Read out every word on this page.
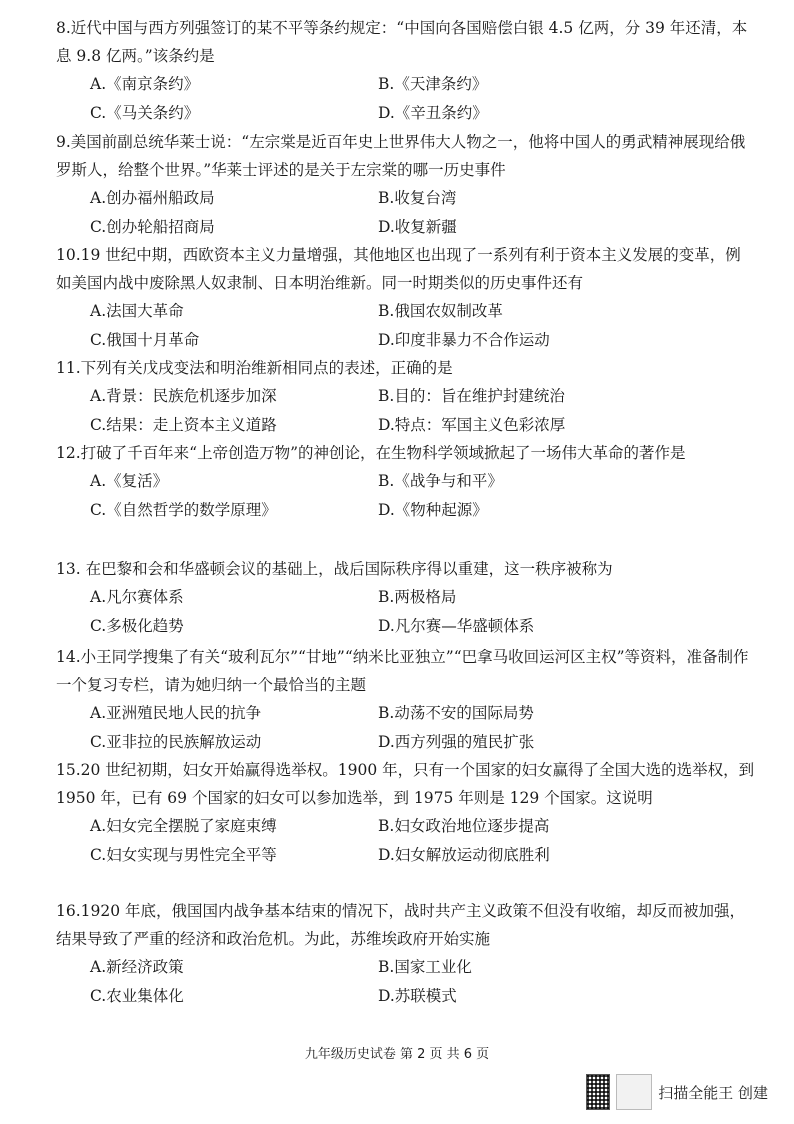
8.近代中国与西方列强签订的某不平等条约规定：“中国向各国赔偿白银 4.5 亿两，分 39 年还清，本息 9.8 亿两。”该条约是

A.《南京条约》	B.《天津条约》
C.《马关条约》	D.《辛丑条约》

9.美国前副总统华莱士说：“左宗棠是近百年史上世界伟大人物之一，他将中国人的勇武精神展现给俄罗斯人，给整个世界。”华莱士评述的是关于左宗棠的哪一历史事件

A.创办福州船政局	B.收复台湾
C.创办轮船招商局	D.收复新疆

10.19 世纪中期，西欧资本主义力量增强，其他地区也出现了一系列有利于资本主义发展的变革，例如美国内战中废除黑人奴隶制、日本明治维新。同一时期类似的历史事件还有

A.法国大革命	B.俄国农奴制改革
C.俄国十月革命	D.印度非暴力不合作运动

11.下列有关戊戌变法和明治维新相同点的表述，正确的是

A.背景：民族危机逐步加深	B.目的：旨在维护封建统治
C.结果：走上资本主义道路	D.特点：军国主义色彩浓厚

12.打破了千百年来“上帝创造万物”的神创论，在生物科学领域掀起了一场伟大革命的著作是

A.《复活》	B.《战争与和平》
C.《自然哲学的数学原理》	D.《物种起源》

13. 在巴黎和会和华盛顿会议的基础上，战后国际秩序得以重建，这一秩序被称为

A.凡尔赛体系	B.两极格局
C.多极化趋势	D.凡尔赛—华盛顿体系

14.小王同学搜集了有关“玻利瓦尔”“甘地”“纳米比亚独立”“巴拿马收回运河区主权”等资料，准备制作一个复习专栏，请为她归纳一个最恰当的主题

A.亚洲殖民地人民的抗争	B.动荡不安的国际局势
C.亚非拉的民族解放运动	D.西方列强的殖民扩张

15.20 世纪初期，妇女开始赢得选举权。1900 年，只有一个国家的妇女赢得了全国大选的选举权，到 1950 年，已有 69 个国家的妇女可以参加选举，到 1975 年则是 129 个国家。这说明

A.妇女完全摆脱了家庭束缚	B.妇女政治地位逐步提高
C.妇女实现与男性完全平等	D.妇女解放运动彻底胜利

16.1920 年底，俄国国内战争基本结束的情况下，战时共产主义政策不但没有收缩，却反而被加强，结果导致了严重的经济和政治危机。为此，苏维埃政府开始实施

A.新经济政策	B.国家工业化
C.农业集体化	D.苏联模式
九年级历史试卷 第 2 页 共 6 页
扫描全能王 创建
